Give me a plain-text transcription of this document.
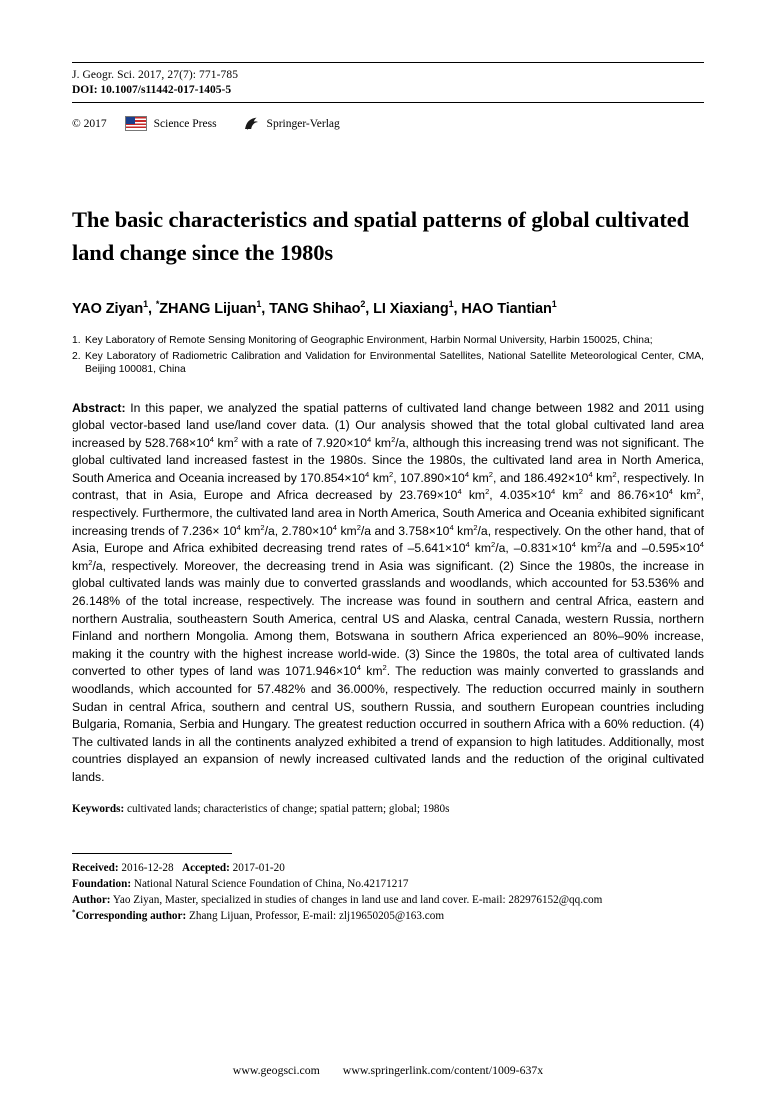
J. Geogr. Sci. 2017, 27(7): 771-785
DOI: 10.1007/s11442-017-1405-5
© 2017	Science Press	Springer-Verlag
The basic characteristics and spatial patterns of global cultivated land change since the 1980s
YAO Ziyan$^1$, *ZHANG Lijuan$^1$, TANG Shihao$^2$, LI Xiaxiang$^1$, HAO Tiantian$^1$
1. Key Laboratory of Remote Sensing Monitoring of Geographic Environment, Harbin Normal University, Harbin 150025, China;
2. Key Laboratory of Radiometric Calibration and Validation for Environmental Satellites, National Satellite Meteorological Center, CMA, Beijing 100081, China
Abstract: In this paper, we analyzed the spatial patterns of cultivated land change between 1982 and 2011 using global vector-based land use/land cover data. (1) Our analysis showed that the total global cultivated land area increased by $528.768\times 10^4$ $km^2$ with a rate of $7.920\times 10^4$ $km^2/a$, although this increasing trend was not significant. The global cultivated land increased fastest in the 1980s. Since the 1980s, the cultivated land area in North America, South America and Oceania increased by $170.854\times 10^4$ $km^2$, $107.890\times 10^4$ $km^2$, and $186.492\times 10^4$ $km^2$, respectively. In contrast, that in Asia, Europe and Africa decreased by $23.769\times 10^4$ $km^2$, $4.035\times 10^4$ $km^2$ and $86.76\times 10^4$ $km^2$, respectively. Furthermore, the cultivated land area in North America, South America and Oceania exhibited significant increasing trends of $7.236\times 10^4$ $km^2/a$, $2.780\times 10^4$ $km^2/a$ and $3.758\times 10^4$ $km^2/a$, respectively. On the other hand, that of Asia, Europe and Africa exhibited decreasing trend rates of $-5.641\times 10^4$ $km^2/a$, $-0.831\times 10^4$ $km^2/a$ and $-0.595\times 10^4$ $km^2/a$, respectively. Moreover, the decreasing trend in Asia was significant. (2) Since the 1980s, the increase in global cultivated lands was mainly due to converted grasslands and woodlands, which accounted for 53.536% and 26.148% of the total increase, respectively. The increase was found in southern and central Africa, eastern and northern Australia, southeastern South America, central US and Alaska, central Canada, western Russia, northern Finland and northern Mongolia. Among them, Botswana in southern Africa experienced an 80%–90% increase, making it the country with the highest increase world-wide. (3) Since the 1980s, the total area of cultivated lands converted to other types of land was $1071.946\times 10^4$ $km^2$. The reduction was mainly converted to grasslands and woodlands, which accounted for 57.482% and 36.000%, respectively. The reduction occurred mainly in southern Sudan in central Africa, southern and central US, southern Russia, and southern European countries including Bulgaria, Romania, Serbia and Hungary. The greatest reduction occurred in southern Africa with a 60% reduction. (4) The cultivated lands in all the continents analyzed exhibited a trend of expansion to high latitudes. Additionally, most countries displayed an expansion of newly increased cultivated lands and the reduction of the original cultivated lands.
Keywords: cultivated lands; characteristics of change; spatial pattern; global; 1980s
Received: 2016-12-28 Accepted: 2017-01-20
Foundation: National Natural Science Foundation of China, No.42171217
Author: Yao Ziyan, Master, specialized in studies of changes in land use and land cover. E-mail: 282976152@qq.com
*Corresponding author: Zhang Lijuan, Professor, E-mail: zlj19650205@163.com
www.geogsci.com www.springerlink.com/content/1009-637x
